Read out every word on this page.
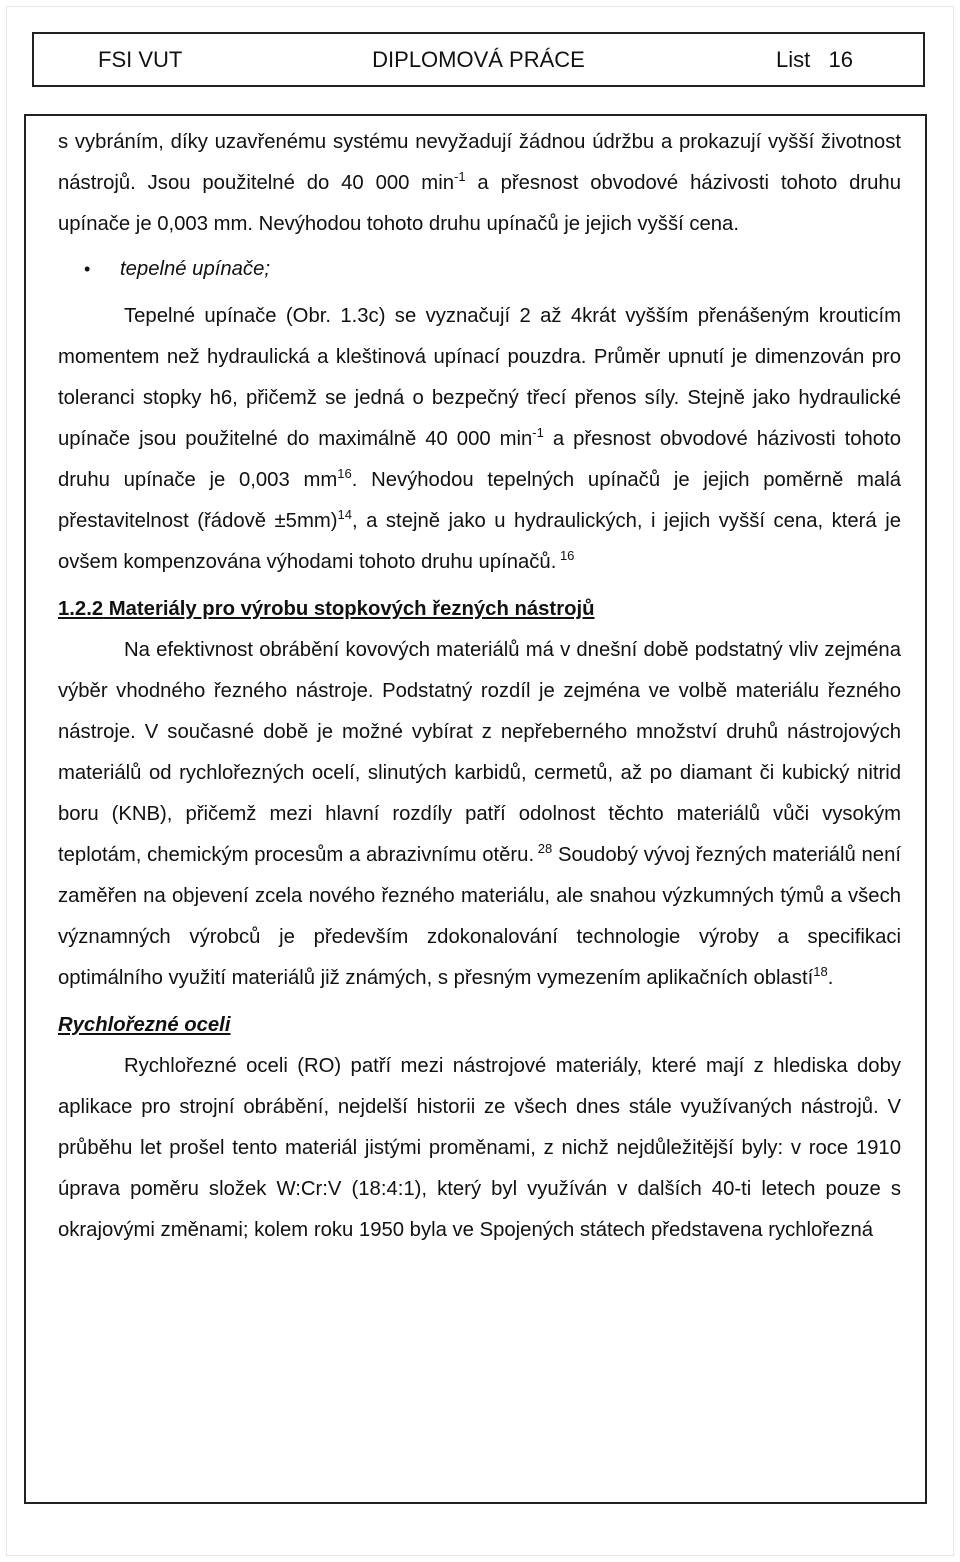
FSI VUT	DIPLOMOVÁ PRÁCE	List   16

s vybráním, díky uzavřenému systému nevyžadují žádnou údržbu a prokazují vyšší životnost nástrojů. Jsou použitelné do 40 000 $\min^{-1} a$ přesnost obvodové házivosti tohoto druhu upínače je 0,003 mm. Nevýhodou tohoto druhu upínačů je jejich vyšší cena.

• tepelné upínače;

Tepelné upínače (Obr. 1.3c) se vyznačují 2 až 4krát vyšším přenášeným krouticím momentem než hydraulická a kleštinová upínací pouzdra. Průměr upnutí je dimenzován pro toleranci stopky h6, přičemž se jedná o bezpečný třecí přenos síly. Stejně jako hydraulické upínače jsou použitelné do maximálně 40 000 $\min^{-1} a$ přesnost obvodové házivosti tohoto druhu upínače je 0,003 $mm^{16}$. Nevýhodou tepelných upínačů je jejich poměrně malá přestavitelnost (řádově ±5mm)$^{14}$, a stejně jako u hydraulických, i jejich vyšší cena, která je ovšem kompenzována výhodami tohoto druhu upínačů. $^{16}$

1.2.2 Materiály pro výrobu stopkových řezných nástrojů

Na efektivnost obrábění kovových materiálů má v dnešní době podstatný vliv zejména výběr vhodného řezného nástroje. Podstatný rozdíl je zejména ve volbě materiálu řezného nástroje. V současné době je možné vybírat z nepřeberného množství druhů nástrojových materiálů od rychlořezných ocelí, slinutých karbidů, cermetů, až po diamant či kubický nitrid boru (KNB), přičemž mezi hlavní rozdíly patří odolnost těchto materiálů vůči vysokým teplotám, chemickým procesům a abrazivnímu otěru. $^{28}$ Soudobý vývoj řezných materiálů není zaměřen na objevení zcela nového řezného materiálu, ale snahou výzkumných týmů a všech významných výrobců je především zdokonalování technologie výroby a specifikaci optimálního využití materiálů již známých, s přesným vymezením aplikačních oblastí$^{18}$.

Rychlořezné oceli

Rychlořezné oceli (RO) patří mezi nástrojové materiály, které mají z hlediska doby aplikace pro strojní obrábění, nejdelší historii ze všech dnes stále využívaných nástrojů. V průběhu let prošel tento materiál jistými proměnami, z nichž nejdůležitější byly: v roce 1910 úprava poměru složek W:Cr:V (18:4:1), který byl využíván v dalších 40-ti letech pouze s okrajovými změnami; kolem roku 1950 byla ve Spojených státech představena rychlořezná
